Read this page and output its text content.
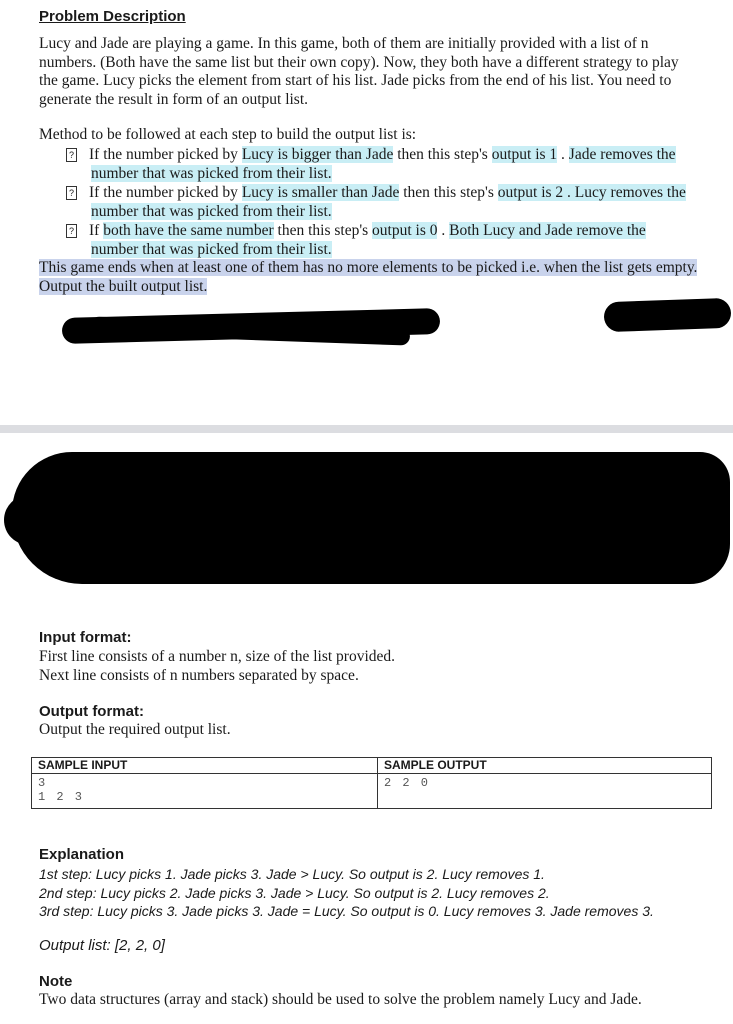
Problem Description
Lucy and Jade are playing a game. In this game, both of them are initially provided with a list of n
numbers. (Both have the same list but their own copy). Now, they both have a different strategy to play
the game. Lucy picks the element from start of his list. Jade picks from the end of his list. You need to
generate the result in form of an output list.
Method to be followed at each step to build the output list is:
? If the number picked by Lucy is bigger than Jade then this step's output is 1 . Jade removes the
number that was picked from their list.
? If the number picked by Lucy is smaller than Jade then this step's output is 2 . Lucy removes the
number that was picked from their list.
? If both have the same number then this step's output is 0 . Both Lucy and Jade remove the
number that was picked from their list.
This game ends when at least one of them has no more elements to be picked i.e. when the list gets empty.
Output the built output list.
Input format:
First line consists of a number n, size of the list provided.
Next line consists of n numbers separated by space.
Output format:
Output the required output list.
SAMPLE INPUT	SAMPLE OUTPUT

3
1 2 3	2 2 0
Explanation
1st step: Lucy picks 1. Jade picks 3. Jade > Lucy. So output is 2. Lucy removes 1.
2nd step: Lucy picks 2. Jade picks 3. Jade > Lucy. So output is 2. Lucy removes 2.
3rd step: Lucy picks 3. Jade picks 3. Jade = Lucy. So output is 0. Lucy removes 3. Jade removes 3.
Output list: [2, 2, 0]
Note
Two data structures (array and stack) should be used to solve the problem namely Lucy and Jade.
